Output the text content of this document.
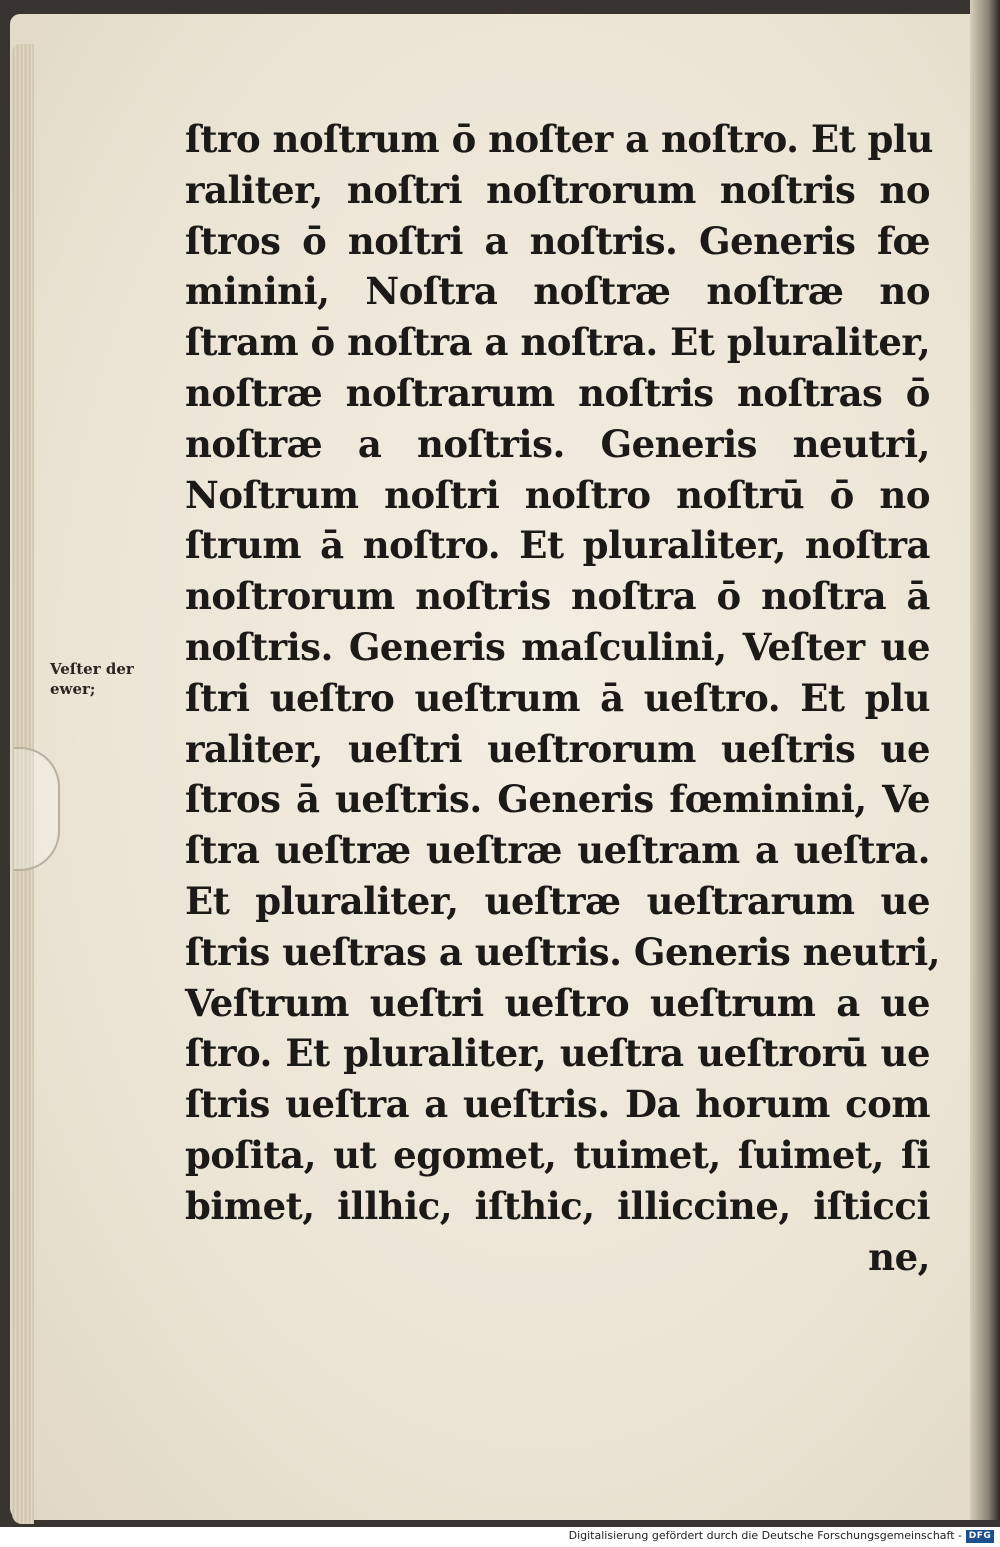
Veſter der
ewer;
ſtro noſtrum ō noſter a noſtro. Et plu
raliter, noſtri noſtrorum noſtris no
ſtros ō noſtri a noſtris. Generis fœ
minini, Noſtra noſtræ noſtræ no
ſtram ō noſtra a noſtra. Et pluraliter,
noſtræ noſtrarum noſtris noſtras ō
noſtræ a noſtris. Generis neutri,
Noſtrum noſtri noſtro noſtrū ō no
ſtrum ā noſtro. Et pluraliter, noſtra
noſtrorum noſtris noſtra ō noſtra ā
noſtris. Generis maſculini, Veſter ue
ſtri ueſtro ueſtrum ā ueſtro. Et plu
raliter, ueſtri ueſtrorum ueſtris ue
ſtros ā ueſtris. Generis fœminini, Ve
ſtra ueſtræ ueſtræ ueſtram a ueſtra.
Et pluraliter, ueſtræ ueſtrarum ue
ſtris ueſtras a ueſtris. Generis neutri,
Veſtrum ueſtri ueſtro ueſtrum a ue
ſtro. Et pluraliter, ueſtra ueſtrorū ue
ſtris ueſtra a ueſtris. Da horum com
poſita, ut egomet, tuimet, ſuimet, ſi
bimet, illhic, iſthic, illiccine, iſticci
ne,
Digitalisierung gefördert durch die Deutsche Forschungsgemeinschaft - DFG
